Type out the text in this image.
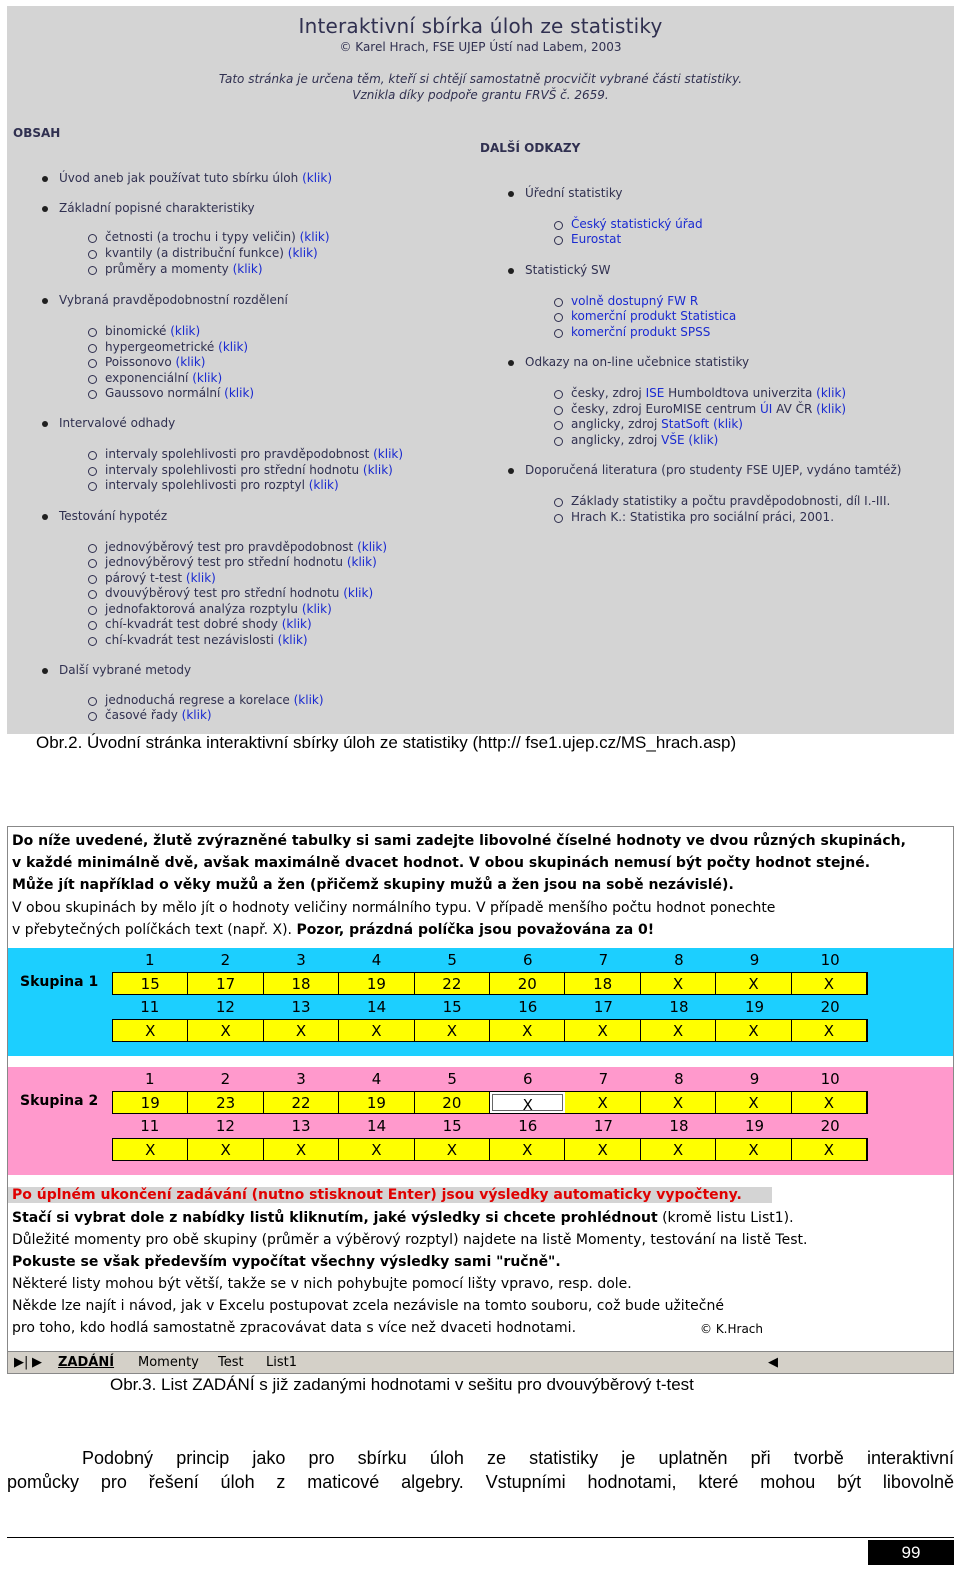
Interaktivní sbírka úloh ze statistiky
© Karel Hrach, FSE UJEP Ústí nad Labem, 2003
Tato stránka je určena těm, kteří si chtějí samostatně procvičit vybrané části statistiky.
Vznikla díky podpoře grantu FRVŠ č. 2659.
OBSAH
DALŠÍ ODKAZY
Úvod aneb jak používat tuto sbírku úloh (klik)
Základní popisné charakteristiky
četnosti (a trochu i typy veličin) (klik)
kvantily (a distribuční funkce) (klik)
průměry a momenty (klik)
Vybraná pravděpodobnostní rozdělení
binomické (klik)
hypergeometrické (klik)
Poissonovo (klik)
exponenciální (klik)
Gaussovo normální (klik)
Intervalové odhady
intervaly spolehlivosti pro pravděpodobnost (klik)
intervaly spolehlivosti pro střední hodnotu (klik)
intervaly spolehlivosti pro rozptyl (klik)
Testování hypotéz
jednovýběrový test pro pravděpodobnost (klik)
jednovýběrový test pro střední hodnotu (klik)
párový t-test (klik)
dvouvýběrový test pro střední hodnotu (klik)
jednofaktorová analýza rozptylu (klik)
chí-kvadrát test dobré shody (klik)
chí-kvadrát test nezávislosti (klik)
Další vybrané metody
jednoduchá regrese a korelace (klik)
časové řady (klik)
Úřední statistiky
Český statistický úřad
Eurostat
Statistický SW
volně dostupný FW R
komerční produkt Statistica
komerční produkt SPSS
Odkazy na on-line učebnice statistiky
česky, zdroj ISE Humboldtova univerzita (klik)
česky, zdroj EuroMISE centrum ÚI AV ČR (klik)
anglicky, zdroj StatSoft (klik)
anglicky, zdroj VŠE (klik)
Doporučená literatura (pro studenty FSE UJEP, vydáno tamtéž)
Základy statistiky a počtu pravděpodobnosti, díl I.-III.
Hrach K.: Statistika pro sociální práci, 2001.
Obr.2. Úvodní stránka interaktivní sbírky úloh ze statistiky (http:// fse1.ujep.cz/MS_hrach.asp)
Do níže uvedené, žlutě zvýrazněné tabulky si sami zadejte libovolné číselné hodnoty ve dvou různých skupinách,
v každé minimálně dvě, avšak maximálně dvacet hodnot. V obou skupinách nemusí být počty hodnot stejné.
Může jít například o věky mužů a žen (přičemž skupiny mužů a žen jsou na sobě nezávislé).
V obou skupinách by mělo jít o hodnoty veličiny normálního typu. V případě menšího počtu hodnot ponechte
v přebytečných políčkách text (např. X). Pozor, prázdná políčka jsou považována za 0!
Skupina 1
1	2	3	4	5	6	7	8	9	10
15	17	18	19	22	20	18	X	X	X
11	12	13	14	15	16	17	18	19	20
X	X	X	X	X	X	X	X	X	X
Skupina 2
1	2	3	4	5	6	7	8	9	10
19	23	22	19	20	X	X	X	X	X
11	12	13	14	15	16	17	18	19	20
X	X	X	X	X	X	X	X	X	X
Po úplném ukončení zadávání (nutno stisknout Enter) jsou výsledky automaticky vypočteny.
Stačí si vybrat dole z nabídky listů kliknutím, jaké výsledky si chcete prohlédnout (kromě listu List1).
Důležité momenty pro obě skupiny (průměr a výběrový rozptyl) najdete na listě Momenty, testování na listě Test.
Pokuste se však především vypočítat všechny výsledky sami "ručně".
Některé listy mohou být větší, takže se v nich pohybujte pomocí lišty vpravo, resp. dole.
Někde lze najít i návod, jak v Excelu postupovat zcela nezávisle na tomto souboru, což bude užitečné
pro toho, kdo hodlá samostatně zpracovávat data s více než dvaceti hodnotami.	© K.Hrach
▶| ▶ ZADÁNÍ Momenty Test List1	◀
Obr.3. List ZADÁNÍ s již zadanými hodnotami v sešitu pro dvouvýběrový t-test
Podobný princip jako pro sbírku úloh ze statistiky je uplatněn při tvorbě interaktivní
pomůcky pro řešení úloh z maticové algebry. Vstupními hodnotami, které mohou být libovolně
99
